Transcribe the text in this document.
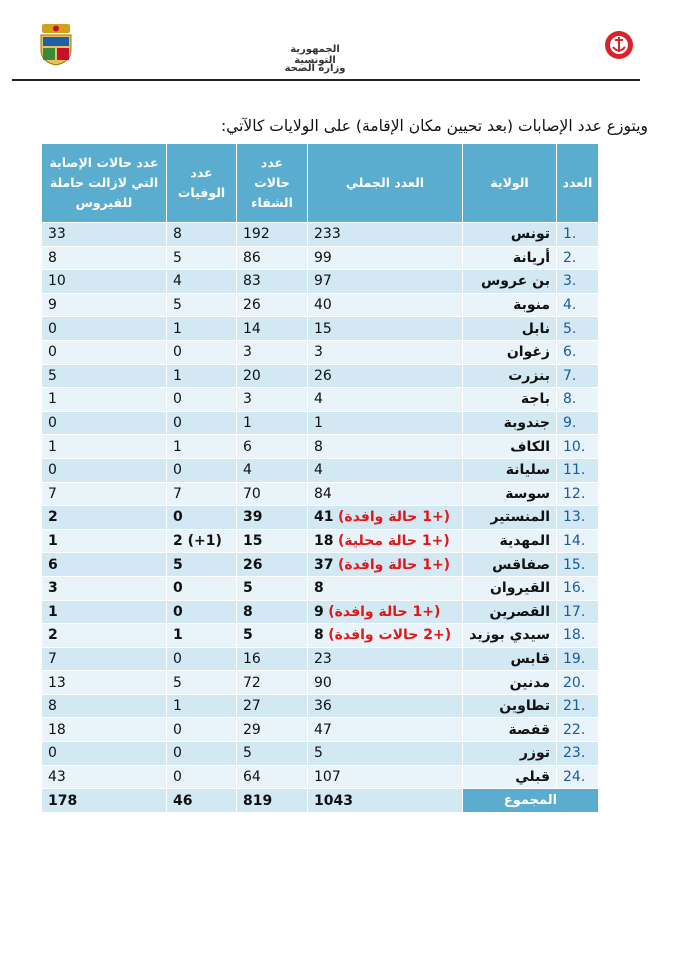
الجمهورية التونسية
وزارة الصحة
ويتوزع عدد الإصابات (بعد تحيين مكان الإقامة) على الولايات كالآتي:
العدد	الولاية	العدد الجملي	عدد حالات الشفاء	عدد الوفيات	عدد حالات الإصابة التي لازالت حاملة للفيروس
1.	تونس	233	192	8	33
2.	أريانة	99	86	5	8
3.	بن عروس	97	83	4	10
4.	منوبة	40	26	5	9
5.	نابل	15	14	1	0
6.	زغوان	3	3	0	0
7.	بنزرت	26	20	1	5
8.	باجة	4	3	0	1
9.	جندوبة	1	1	0	0
10.	الكاف	8	6	1	1
11.	سليانة	4	4	0	0
12.	سوسة	84	70	7	7
13.	المنستير	41 (+1 حالة وافدة)	39	0	2
14.	المهدية	18 (+1 حالة محلية)	15	2 (+1)	1
15.	صفاقس	37 (+1 حالة وافدة)	26	5	6
16.	القيروان	8	5	0	3
17.	القصرين	9 (+1 حالة وافدة)	8	0	1
18.	سيدي بوزيد	8 (+2 حالات وافدة)	5	1	2
19.	قابس	23	16	0	7
20.	مدنين	90	72	5	13
21.	تطاوين	36	27	1	8
22.	قفصة	47	29	0	18
23.	توزر	5	5	0	0
24.	قبلي	107	64	0	43
المجموع		1043	819	46	178
